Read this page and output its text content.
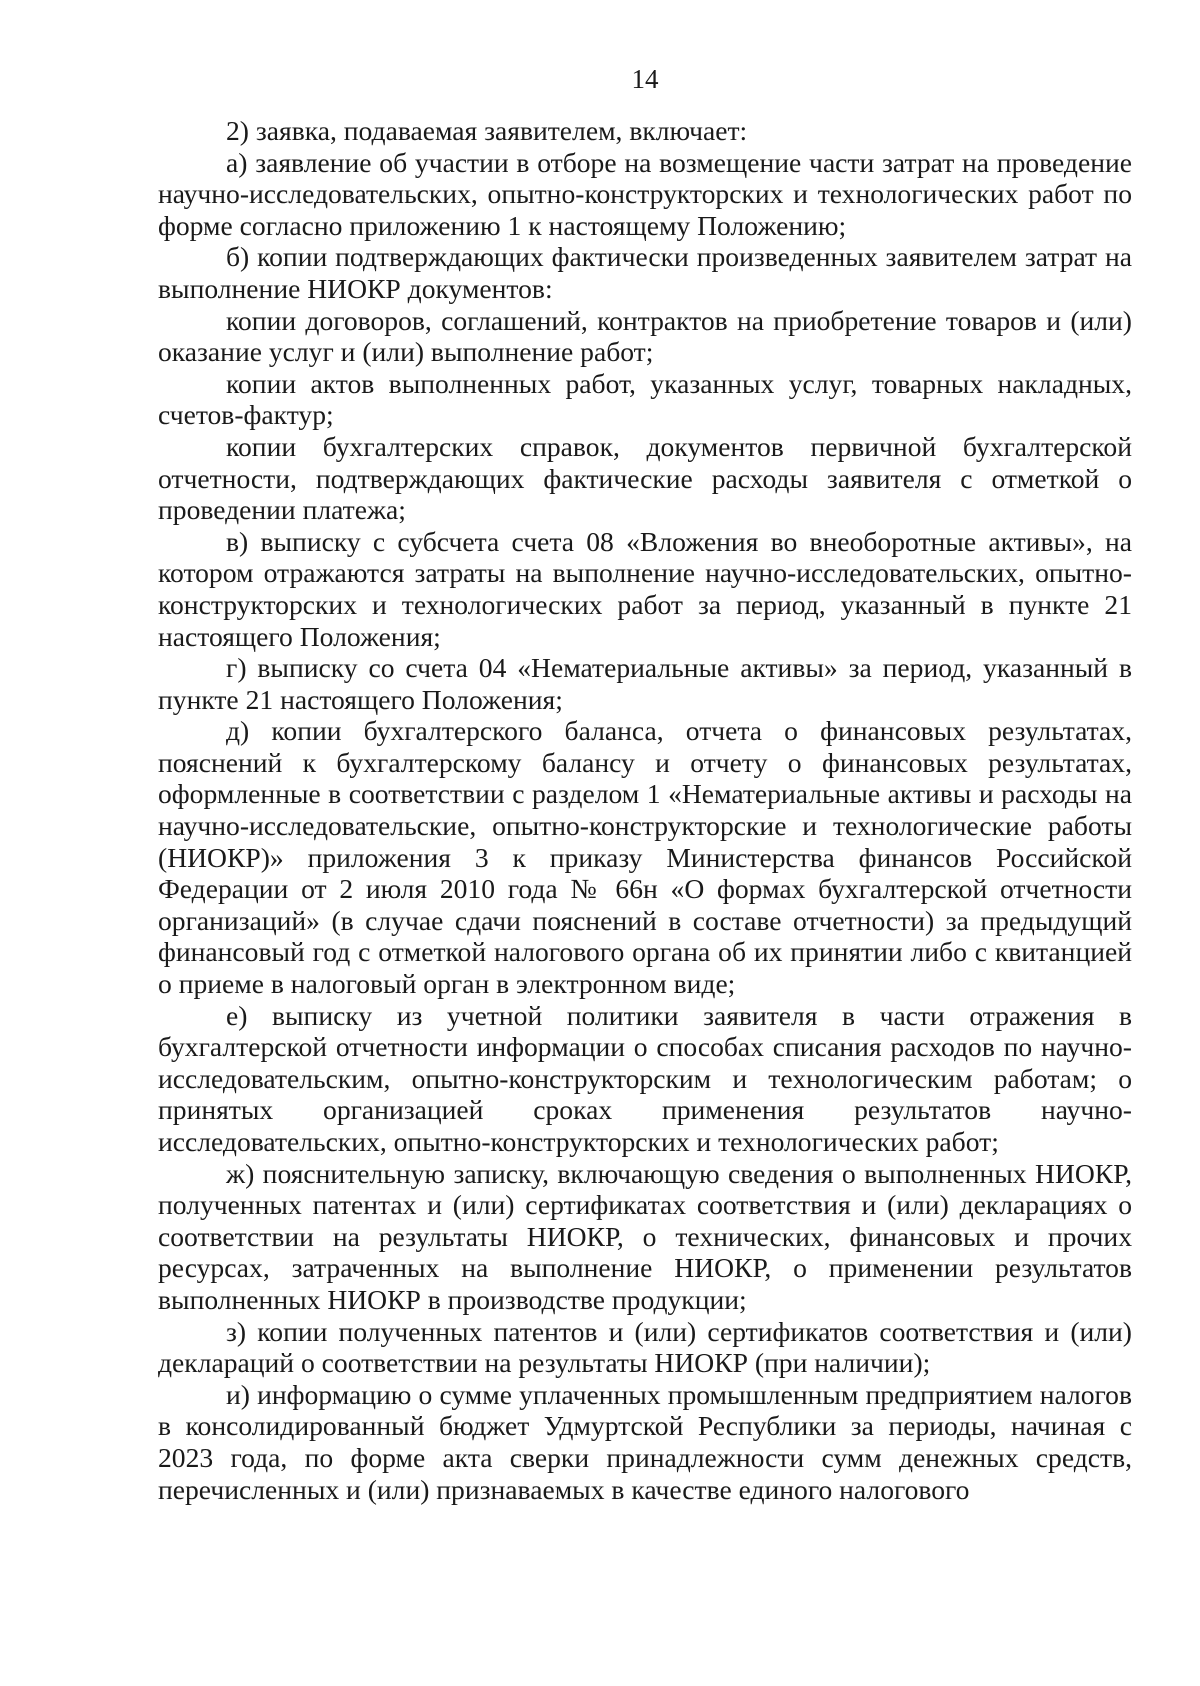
14

2) заявка, подаваемая заявителем, включает:

а) заявление об участии в отборе на возмещение части затрат на проведение научно-исследовательских, опытно-конструкторских и технологических работ по форме согласно приложению 1 к настоящему Положению;

б) копии подтверждающих фактически произведенных заявителем затрат на выполнение НИОКР документов:

копии договоров, соглашений, контрактов на приобретение товаров и (или) оказание услуг и (или) выполнение работ;

копии актов выполненных работ, указанных услуг, товарных накладных, счетов-фактур;

копии бухгалтерских справок, документов первичной бухгалтерской отчетности, подтверждающих фактические расходы заявителя с отметкой о проведении платежа;

в) выписку с субсчета счета 08 «Вложения во внеоборотные активы», на котором отражаются затраты на выполнение научно-исследовательских, опытно-конструкторских и технологических работ за период, указанный в пункте 21 настоящего Положения;

г) выписку со счета 04 «Нематериальные активы» за период, указанный в пункте 21 настоящего Положения;

д) копии бухгалтерского баланса, отчета о финансовых результатах, пояснений к бухгалтерскому балансу и отчету о финансовых результатах, оформленные в соответствии с разделом 1 «Нематериальные активы и расходы на научно-исследовательские, опытно-конструкторские и технологические работы (НИОКР)» приложения 3 к приказу Министерства финансов Российской Федерации от 2 июля 2010 года № 66н «О формах бухгалтерской отчетности организаций» (в случае сдачи пояснений в составе отчетности) за предыдущий финансовый год с отметкой налогового органа об их принятии либо с квитанцией о приеме в налоговый орган в электронном виде;

е) выписку из учетной политики заявителя в части отражения в бухгалтерской отчетности информации о способах списания расходов по научно-исследовательским, опытно-конструкторским и технологическим работам; о принятых организацией сроках применения результатов научно-исследовательских, опытно-конструкторских и технологических работ;

ж) пояснительную записку, включающую сведения о выполненных НИОКР, полученных патентах и (или) сертификатах соответствия и (или) декларациях о соответствии на результаты НИОКР, о технических, финансовых и прочих ресурсах, затраченных на выполнение НИОКР, о применении результатов выполненных НИОКР в производстве продукции;

з) копии полученных патентов и (или) сертификатов соответствия и (или) деклараций о соответствии на результаты НИОКР (при наличии);

и) информацию о сумме уплаченных промышленным предприятием налогов в консолидированный бюджет Удмуртской Республики за периоды, начиная с 2023 года, по форме акта сверки принадлежности сумм денежных средств, перечисленных и (или) признаваемых в качестве единого налогового
